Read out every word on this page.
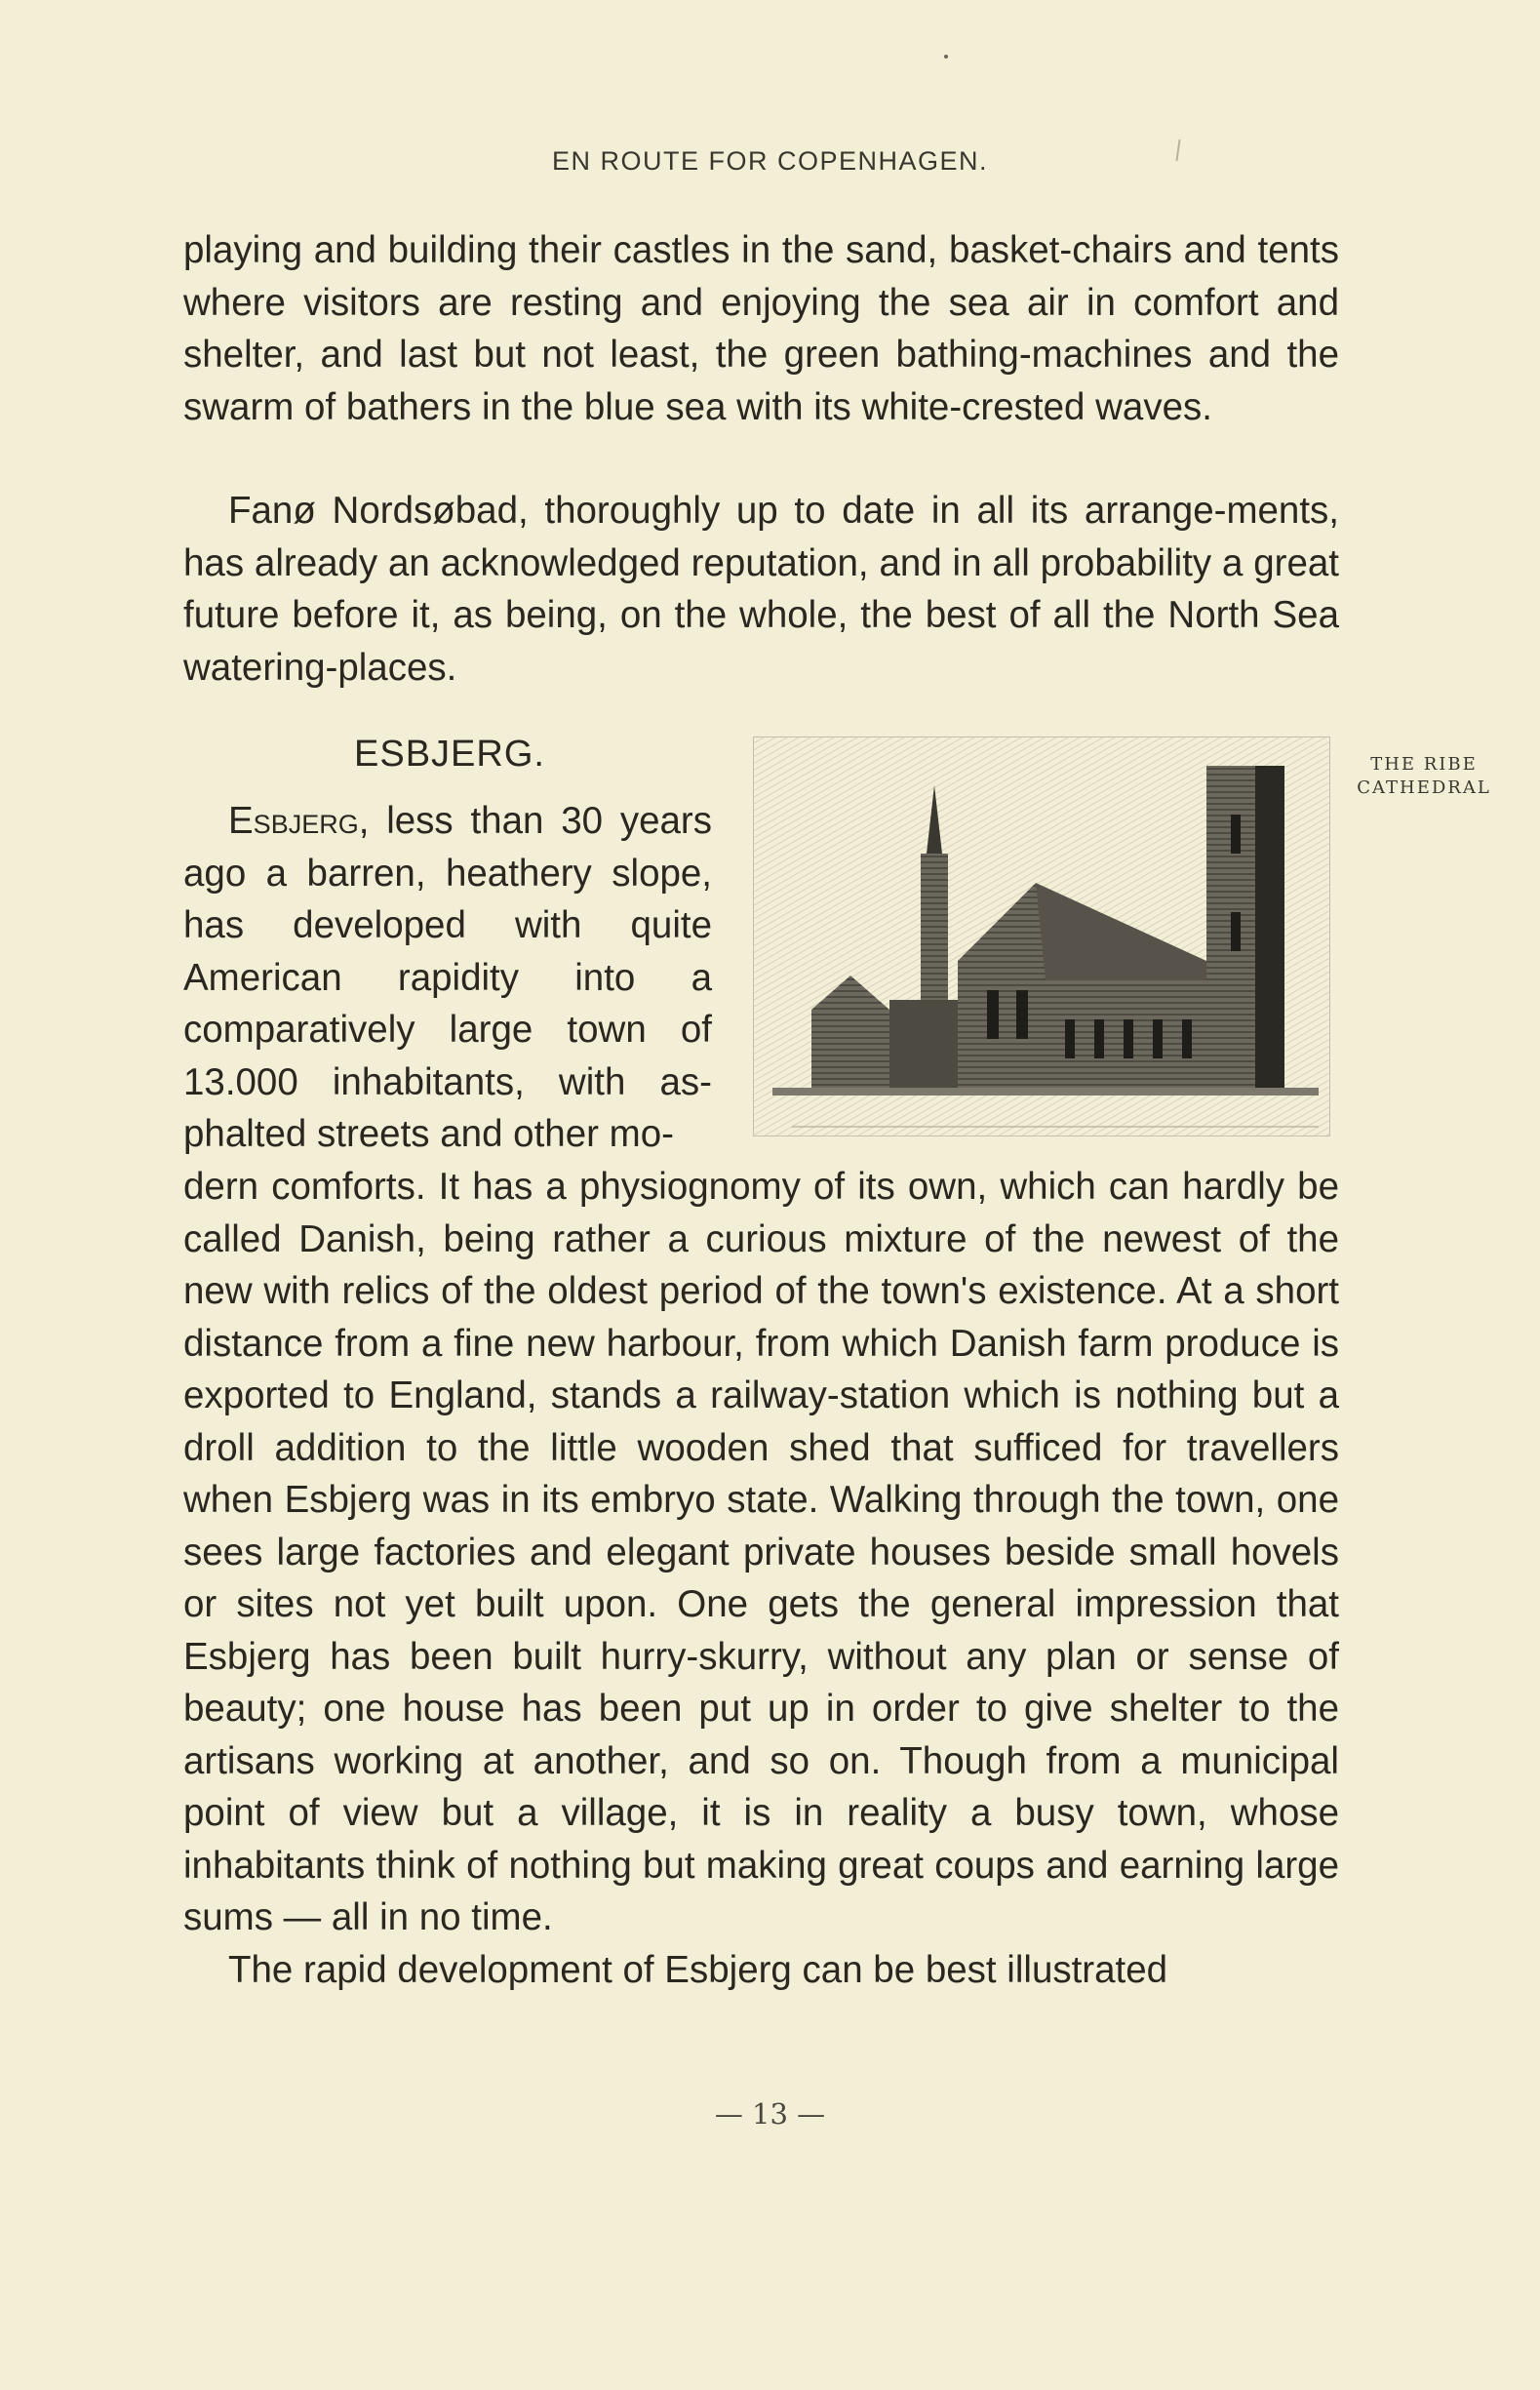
EN ROUTE FOR COPENHAGEN.

playing and building their castles in the sand, basket-chairs and tents where visitors are resting and enjoying the sea air in comfort and shelter, and last but not least, the green bathing-machines and the swarm of bathers in the blue sea with its white-crested waves.

Fanø Nordsøbad, thoroughly up to date in all its arrange-ments, has already an acknowledged reputation, and in all probability a great future before it, as being, on the whole, the best of all the North Sea watering-places.

ESBJERG.

Esbjerg, less than 30 years ago a barren, heathery slope, has developed with quite American rapidity into a comparatively large town of 13.000 inhabitants, with as-phalted streets and other mo-

THE RIBE
CATHEDRAL

dern comforts. It has a physiognomy of its own, which can hardly be called Danish, being rather a curious mixture of the newest of the new with relics of the oldest period of the town's existence. At a short distance from a fine new harbour, from which Danish farm produce is exported to England, stands a railway-station which is nothing but a droll addition to the little wooden shed that sufficed for travellers when Esbjerg was in its embryo state. Walking through the town, one sees large factories and elegant private houses beside small hovels or sites not yet built upon. One gets the general impression that Esbjerg has been built hurry-skurry, without any plan or sense of beauty; one house has been put up in order to give shelter to the artisans working at another, and so on. Though from a municipal point of view but a village, it is in reality a busy town, whose inhabitants think of nothing but making great coups and earning large sums — all in no time.

The rapid development of Esbjerg can be best illustrated

— 13 —
